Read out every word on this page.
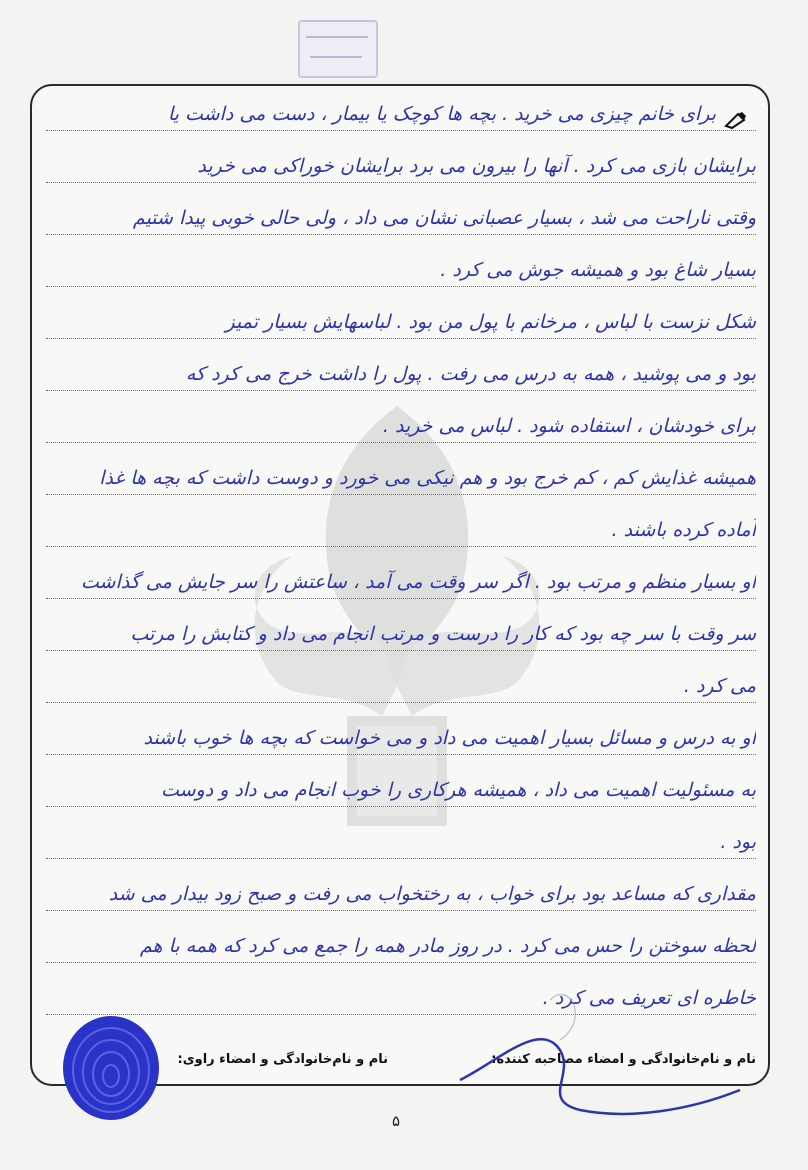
برای خانم چیزی می خرید . بچه ها کوچک یا بیمار ، دست می داشت یا
برایشان بازی می کرد . آنها را بیرون می برد برایشان خوراکی می خرید
وقتی ناراحت می شد ، بسیار عصبانی نشان می داد ، ولی حالی خوبی پیدا شتیم
بسیار شاغ بود و همیشه جوش می کرد .
شکل نزست با لباس ، مرخانم با پول من بود . لباسهایش بسیار تمیز
بود و می پوشید ، همه به درس می رفت . پول را داشت خرج می کرد که
برای خودشان ، استفاده شود . لباس می خرید .
همیشه غذایش کم ، کم خرج بود و هم نیکی می خورد و دوست داشت که بچه ها غذا
آماده کرده باشند .
او بسیار منظم و مرتب بود . اگر سر وقت می آمد ، ساعتش را سر جایش می گذاشت
سر وقت با سر چه بود که کار را درست و مرتب انجام می داد و کتابش را مرتب
می کرد .
او به درس و مسائل بسیار اهمیت می داد و می خواست که بچه ها خوب باشند
به مسئولیت اهمیت می داد ، همیشه هرکاری را خوب انجام می داد و دوست
بود .
مقداری که مساعد بود برای خواب ، به رختخواب می رفت و صبح زود بیدار می شد
لحظه سوختن را حس می کرد . در روز مادر همه را جمع می کرد که همه با هم
خاطره ای تعریف می کرد .
نام و نام‌خانوادگی و امضاء مصاحبه کننده:
نام و نام‌خانوادگی و امضاء راوی:
۵
